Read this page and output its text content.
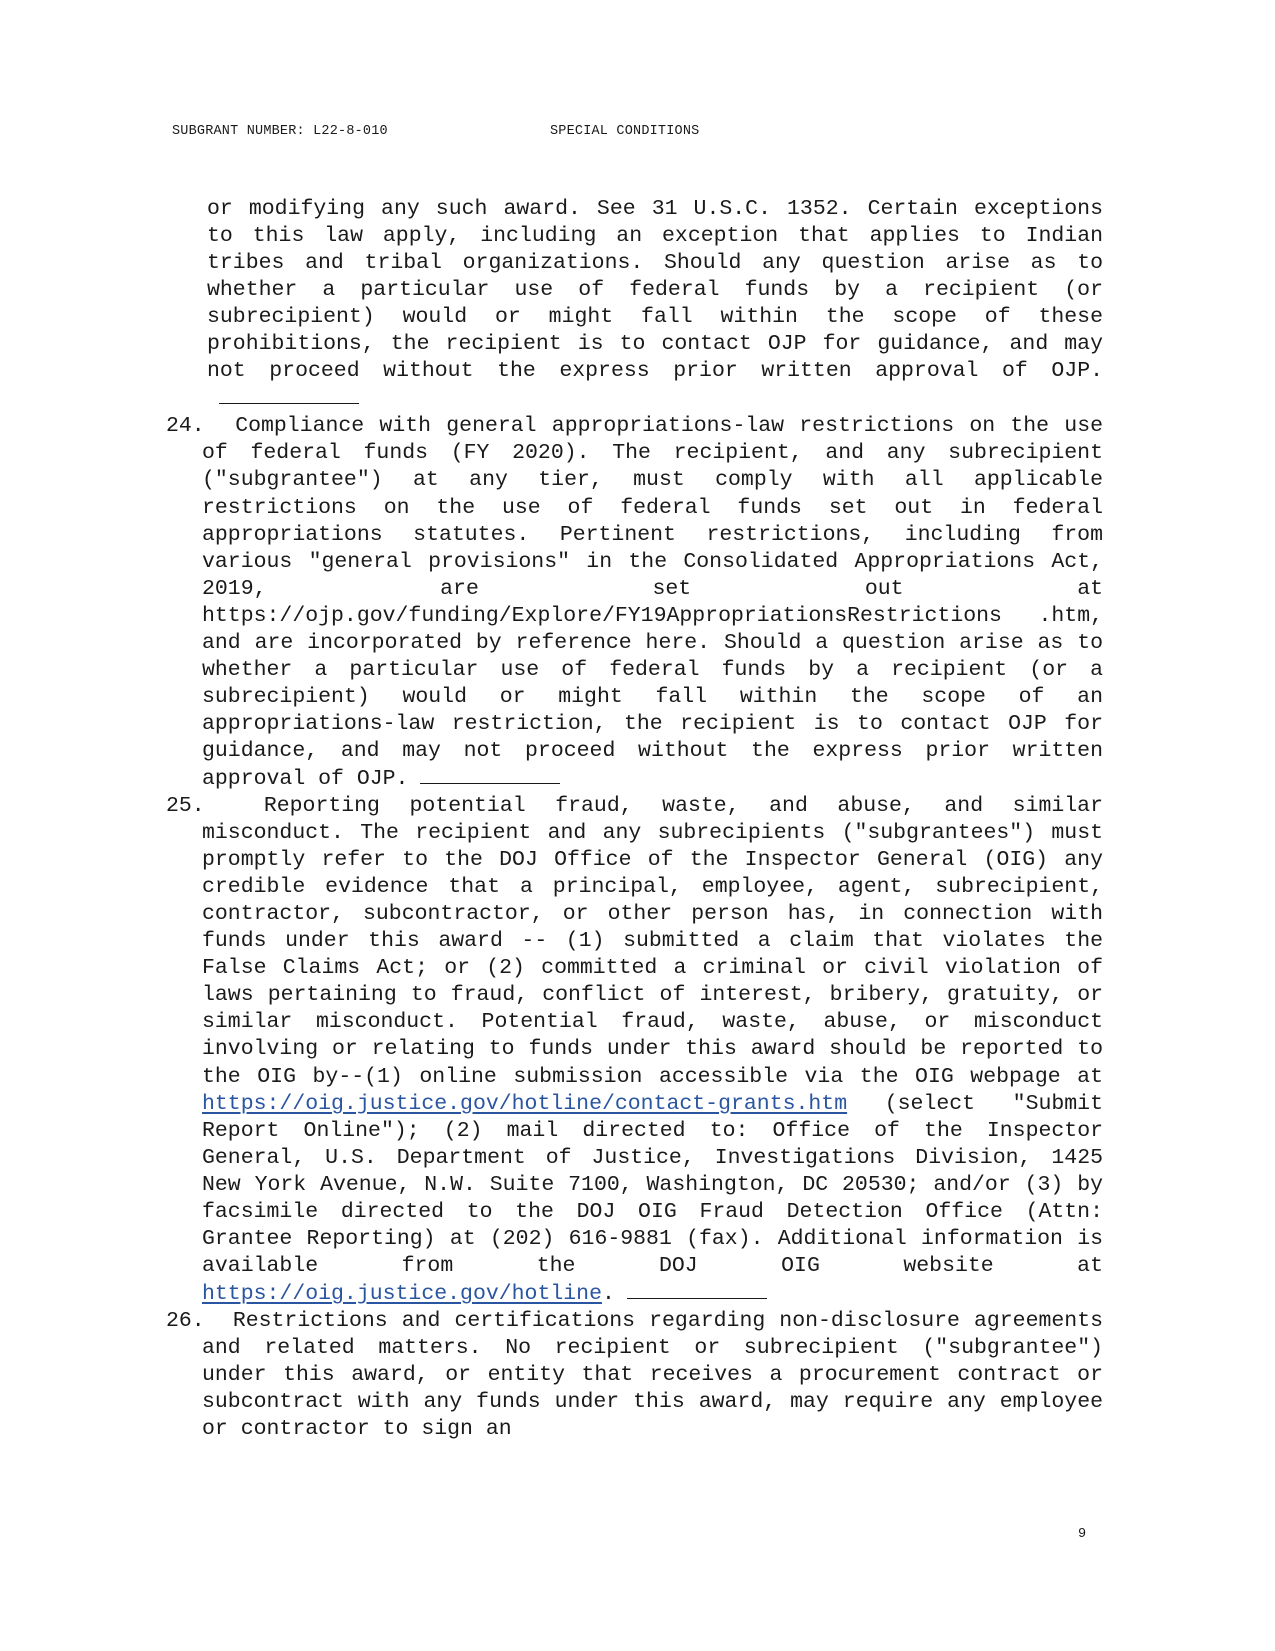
SUBGRANT NUMBER: L22-8-010	SPECIAL CONDITIONS

or modifying any such award. See 31 U.S.C. 1352. Certain exceptions to this law apply, including an exception that applies to Indian tribes and tribal organizations. Should any question arise as to whether a particular use of federal funds by a recipient (or subrecipient) would or might fall within the scope of these prohibitions, the recipient is to contact OJP for guidance, and may not proceed without the express prior written approval of OJP.

24. Compliance with general appropriations-law restrictions on the use of federal funds (FY 2020). The recipient, and any subrecipient ("subgrantee") at any tier, must comply with all applicable restrictions on the use of federal funds set out in federal appropriations statutes. Pertinent restrictions, including from various "general provisions" in the Consolidated Appropriations Act, 2019, are set out at https://ojp.gov/funding/Explore/FY19AppropriationsRestrictions .htm, and are incorporated by reference here. Should a question arise as to whether a particular use of federal funds by a recipient (or a subrecipient) would or might fall within the scope of an appropriations-law restriction, the recipient is to contact OJP for guidance, and may not proceed without the express prior written approval of OJP.

25.	Reporting potential fraud, waste, and abuse, and similar misconduct. The recipient and any subrecipients ("subgrantees") must promptly refer to the DOJ Office of the Inspector General (OIG) any credible evidence that a principal, employee, agent, subrecipient, contractor, subcontractor, or other person has, in connection with funds under this award -- (1) submitted a claim that violates the False Claims Act; or (2) committed a criminal or civil violation of laws pertaining to fraud, conflict of interest, bribery, gratuity, or similar misconduct. Potential fraud, waste, abuse, or misconduct involving or relating to funds under this award should be reported to the OIG by--(1) online submission accessible via the OIG webpage at https://oig.justice.gov/hotline/contact-grants.htm (select "Submit Report Online"); (2) mail directed to: Office of the Inspector General, U.S. Department of Justice, Investigations Division, 1425 New York Avenue, N.W. Suite 7100, Washington, DC 20530; and/or (3) by facsimile directed to the DOJ OIG Fraud Detection Office (Attn: Grantee Reporting) at (202) 616-9881 (fax). Additional information is available from the DOJ OIG website at https://oig.justice.gov/hotline.

26. Restrictions and certifications regarding non-disclosure agreements and related matters. No recipient or subrecipient ("subgrantee") under this award, or entity that receives a procurement contract or subcontract with any funds under this award, may require any employee or contractor to sign an

9
